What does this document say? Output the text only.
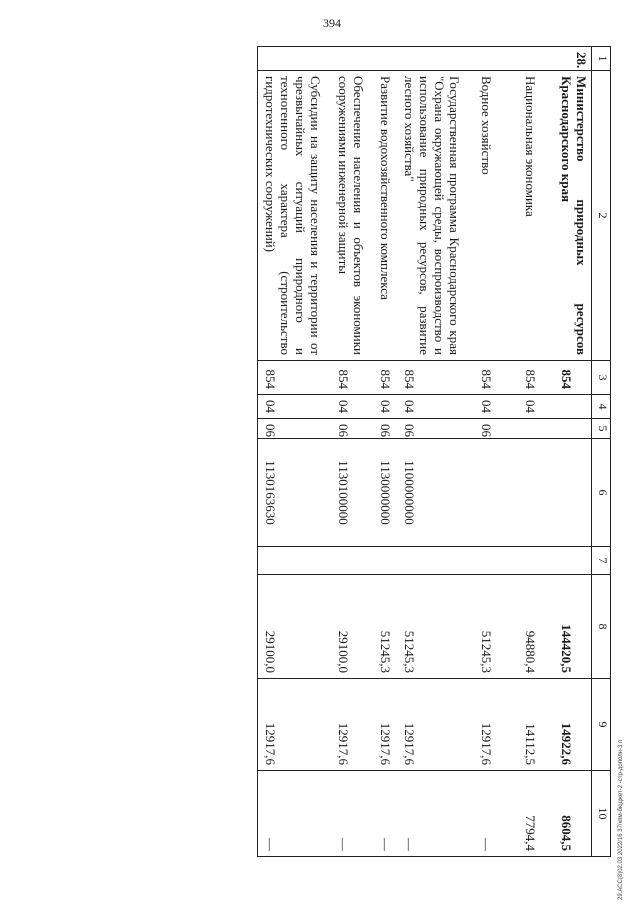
394
29.АСС(8)02.03 2022/16 37/кпм-бюджет-2 -стр-дополн-3 п
1	2	3	4	5	6	7	8	9	10
28.	Министерство природных ресурсов Краснодарского края	854					144420,5	14922,6	8604,5
	Национальная экономика	854	04				94880,4	14112,5	7794,4
	Водное хозяйство	854	04	06			51245,3	12917,6	—
	Государственная программа Краснодарского края "Охрана окружающей среды, воспроизводство и использование природных ресурсов, развитие лесного хозяйства"	854	04	06	1100000000		51245,3	12917,6	—
	Развитие водохозяйственного комплекса	854	04	06	1130000000		51245,3	12917,6	—
	Обеспечение населения и объектов экономики сооружениями инженерной защиты	854	04	06	1130100000		29100,0	12917,6	—
	Субсидии на защиту населения и территории от чрезвычайных ситуаций природного и техногенного характера (строительство гидротехнических сооружений)	854	04	06	1130163630		29100,0	12917,6	—
